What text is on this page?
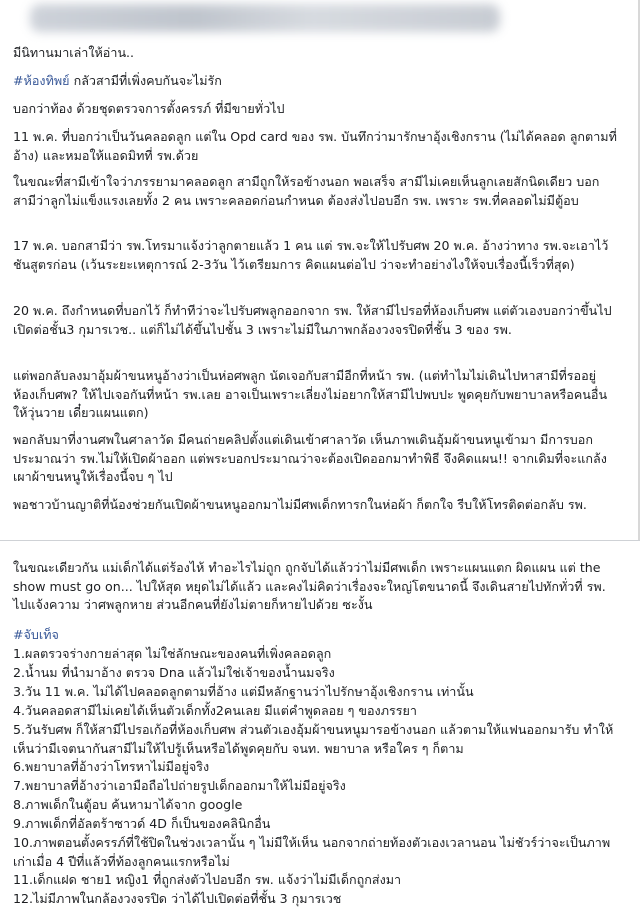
มีนิทานมาเล่าให้อ่าน..

#ห้องทิพย์ กลัวสามีที่เพิ่งคบกันจะไม่รัก

บอกว่าท้อง ด้วยชุดตรวจการตั้งครรภ์ ที่มีขายทั่วไป

11 พ.ค. ที่บอกว่าเป็นวันคลอดลูก แต่ใน Opd card ของ รพ. บันทึกว่ามารักษาอุ้งเชิงกราน (ไม่ได้คลอด ลูกตามที่อ้าง) และหมอให้แอดมิทที่ รพ.ด้วย

ในขณะที่สามีเข้าใจว่าภรรยามาคลอดลูก สามีถูกให้รอข้างนอก พอเสร็จ สามีไม่เคยเห็นลูกเลยสักนิดเดียว บอกสามีว่าลูกไม่แข็งแรงเลยทั้ง 2 คน เพราะคลอดก่อนกำหนด ต้องส่งไปอบอีก รพ. เพราะ รพ.ที่คลอดไม่มีตู้อบ

17 พ.ค. บอกสามีว่า รพ.โทรมาแจ้งว่าลูกตายแล้ว 1 คน แต่ รพ.จะให้ไปรับศพ 20 พ.ค. อ้างว่าทาง รพ.จะเอาไว้ชันสูตรก่อน (เว้นระยะเหตุการณ์ 2-3วัน ไว้เตรียมการ คิดแผนต่อไป ว่าจะทำอย่างไงให้จบเรื่องนี้เร็วที่สุด)

20 พ.ค. ถึงกำหนดที่บอกไว้ ก็ทำทีว่าจะไปรับศพลูกออกจาก รพ. ให้สามีไปรอที่ห้องเก็บศพ แต่ตัวเองบอกว่าขึ้นไปเปิดต่อชั้น3 กุมารเวช.. แต่ก็ไม่ได้ขึ้นไปชั้น 3 เพราะไม่มีในภาพกล้องวงจรปิดที่ชั้น 3 ของ รพ.

แต่พอกลับลงมาอุ้มผ้าขนหนูอ้างว่าเป็นห่อศพลูก นัดเจอกับสามีอีกที่หน้า รพ. (แต่ทำไมไม่เดินไปหาสามีที่รออยู่ห้องเก็บศพ? ให้ไปเจอกันที่หน้า รพ.เลย อาจเป็นเพราะเลี่ยงไม่อยากให้สามีไปพบปะ พูดคุยกับพยาบาลหรือคนอื่นให้วุ่นวาย เดี๋ยวแผนแตก)

พอกลับมาที่งานศพในศาลาวัด มีคนถ่ายคลิปตั้งแต่เดินเข้าศาลาวัด เห็นภาพเดินอุ้มผ้าขนหนูเข้ามา มีการบอกประมาณว่า รพ.ไม่ให้เปิดผ้าออก แต่พระบอกประมาณว่าจะต้องเปิดออกมาทำพิธี จึงคิดแผน!! จากเดิมที่จะแกล้งเผาผ้าขนหนูให้เรื่องนี้จบ ๆ ไป

พอชาวบ้านญาติที่น้องช่วยกันเปิดผ้าขนหนูออกมาไม่มีศพเด็กทารกในห่อผ้า ก็ตกใจ รีบให้โทรติดต่อกลับ รพ.

ในขณะเดียวกัน แม่เด็กได้แต่ร้องไห้ ทำอะไรไม่ถูก ถูกจับได้แล้วว่าไม่มีศพเด็ก เพราะแผนแตก ผิดแผน แต่ the show must go on... ไปให้สุด หยุดไม่ได้แล้ว และคงไม่คิดว่าเรื่องจะใหญ่โตขนาดนี้ จึงเดินสายไปทักทั่วที่ รพ. ไปแจ้งความ ว่าศพลูกหาย ส่วนอีกคนที่ยังไม่ตายก็หายไปด้วย ซะงั้น

#จับเท็จ

1.ผลตรวจร่างกายล่าสุด ไม่ใช่ลักษณะของคนที่เพิ่งคลอดลูก

2.น้ำนม ที่นำมาอ้าง ตรวจ Dna แล้วไม่ใช่เจ้าของน้ำนมจริง

3.วัน 11 พ.ค. ไม่ได้ไปคลอดลูกตามที่อ้าง แต่มีหลักฐานว่าไปรักษาอุ้งเชิงกราน เท่านั้น

4.วันคลอดสามีไม่เคยได้เห็นตัวเด็กทั้ง2คนเลย มีแต่คำพูดลอย ๆ ของภรรยา

5.วันรับศพ ก็ให้สามีไปรอเก้อที่ห้องเก็บศพ ส่วนตัวเองอุ้มผ้าขนหนูมารอข้างนอก แล้วตามให้แฟนออกมารับ ทำให้เห็นว่ามีเจตนากันสามีไม่ให้ไปรู้เห็นหรือได้พูดคุยกับ จนท. พยาบาล หรือใคร ๆ ก็ตาม

6.พยาบาลที่อ้างว่าโทรหาไม่มีอยู่จริง

7.พยาบาลที่อ้างว่าเอามือถือไปถ่ายรูปเด็กออกมาให้ไม่มีอยู่จริง

8.ภาพเด็กในตู้อบ ค้นหามาได้จาก google

9.ภาพเด็กที่อัลตร้าซาวด์ 4D ก็เป็นของคลินิกอื่น

10.ภาพตอนตั้งครรภ์ที่ใช้ปิดในช่วงเวลานั้น ๆ ไม่มีให้เห็น นอกจากถ่ายท้องตัวเองเวลานอน ไม่ชัวร์ว่าจะเป็นภาพเก่าเมื่อ 4 ปีที่แล้วที่ท้องลูกคนแรกหรือไม่

11.เด็กแฝด ชาย1 หญิง1 ที่ถูกส่งตัวไปอบอีก รพ. แจ้งว่าไม่มีเด็กถูกส่งมา

12.ไม่มีภาพในกล้องวงจรปิด ว่าได้ไปเปิดต่อที่ชั้น 3 กุมารเวช
